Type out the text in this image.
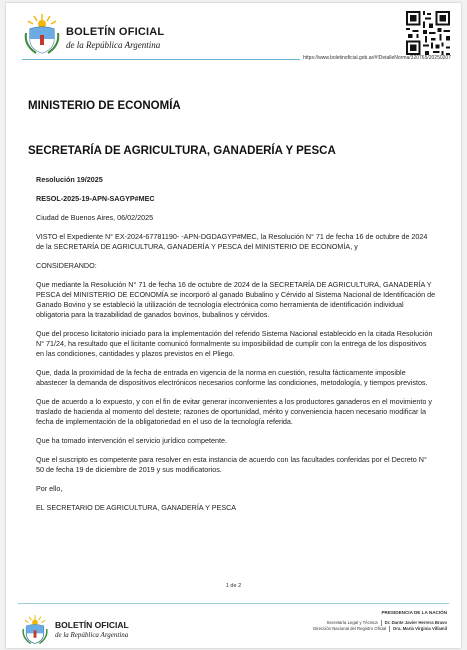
BOLETÍN OFICIAL
de la República Argentina
https://www.boletinoficial.gob.ar/#!DetalleNorma/320765/20250207
MINISTERIO DE ECONOMÍA
SECRETARÍA DE AGRICULTURA, GANADERÍA Y PESCA

Resolución 19/2025

RESOL-2025-19-APN-SAGYP#MEC

Ciudad de Buenos Aires, 06/02/2025

VISTO el Expediente N° EX-2024-67781190- -APN-DGDAGYP#MEC, la Resolución N° 71 de fecha 16 de octubre de 2024 de la SECRETARÍA DE AGRICULTURA, GANADERÍA Y PESCA del MINISTERIO DE ECONOMÍA, y

CONSIDERANDO:

Que mediante la Resolución N° 71 de fecha 16 de octubre de 2024 de la SECRETARÍA DE AGRICULTURA, GANADERÍA Y PESCA del MINISTERIO DE ECONOMÍA se incorporó al ganado Bubalino y Cérvido al Sistema Nacional de Identificación de Ganado Bovino y se estableció la utilización de tecnología electrónica como herramienta de identificación individual obligatoria para la trazabilidad de ganados bovinos, bubalinos y cérvidos.

Que del proceso licitatorio iniciado para la implementación del referido Sistema Nacional establecido en la citada Resolución N° 71/24, ha resultado que el licitante comunicó formalmente su imposibilidad de cumplir con la entrega de los dispositivos en las condiciones, cantidades y plazos previstos en el Pliego.

Que, dada la proximidad de la fecha de entrada en vigencia de la norma en cuestión, resulta fácticamente imposible abastecer la demanda de dispositivos electrónicos necesarios conforme las condiciones, metodología, y tiempos previstos.

Que de acuerdo a lo expuesto, y con el fin de evitar generar inconvenientes a los productores ganaderos en el movimiento y traslado de hacienda al momento del destete; razones de oportunidad, mérito y conveniencia hacen necesario modificar la fecha de implementación de la obligatoriedad en el uso de la tecnología referida.

Que ha tomado intervención el servicio jurídico competente.

Que el suscripto es competente para resolver en esta instancia de acuerdo con las facultades conferidas por el Decreto N° 50 de fecha 19 de diciembre de 2019 y sus modificatorios.

Por ello,

EL SECRETARIO DE AGRICULTURA, GANADERÍA Y PESCA

1 de 2
BOLETÍN OFICIAL
de la República Argentina
PRESIDENCIA DE LA NACIÓN
Secretaría Legal y Técnica Dr. Dante Javier Herrera Bravo
Dirección Nacional del Registro Oficial Dra. María Virginia Villamil
